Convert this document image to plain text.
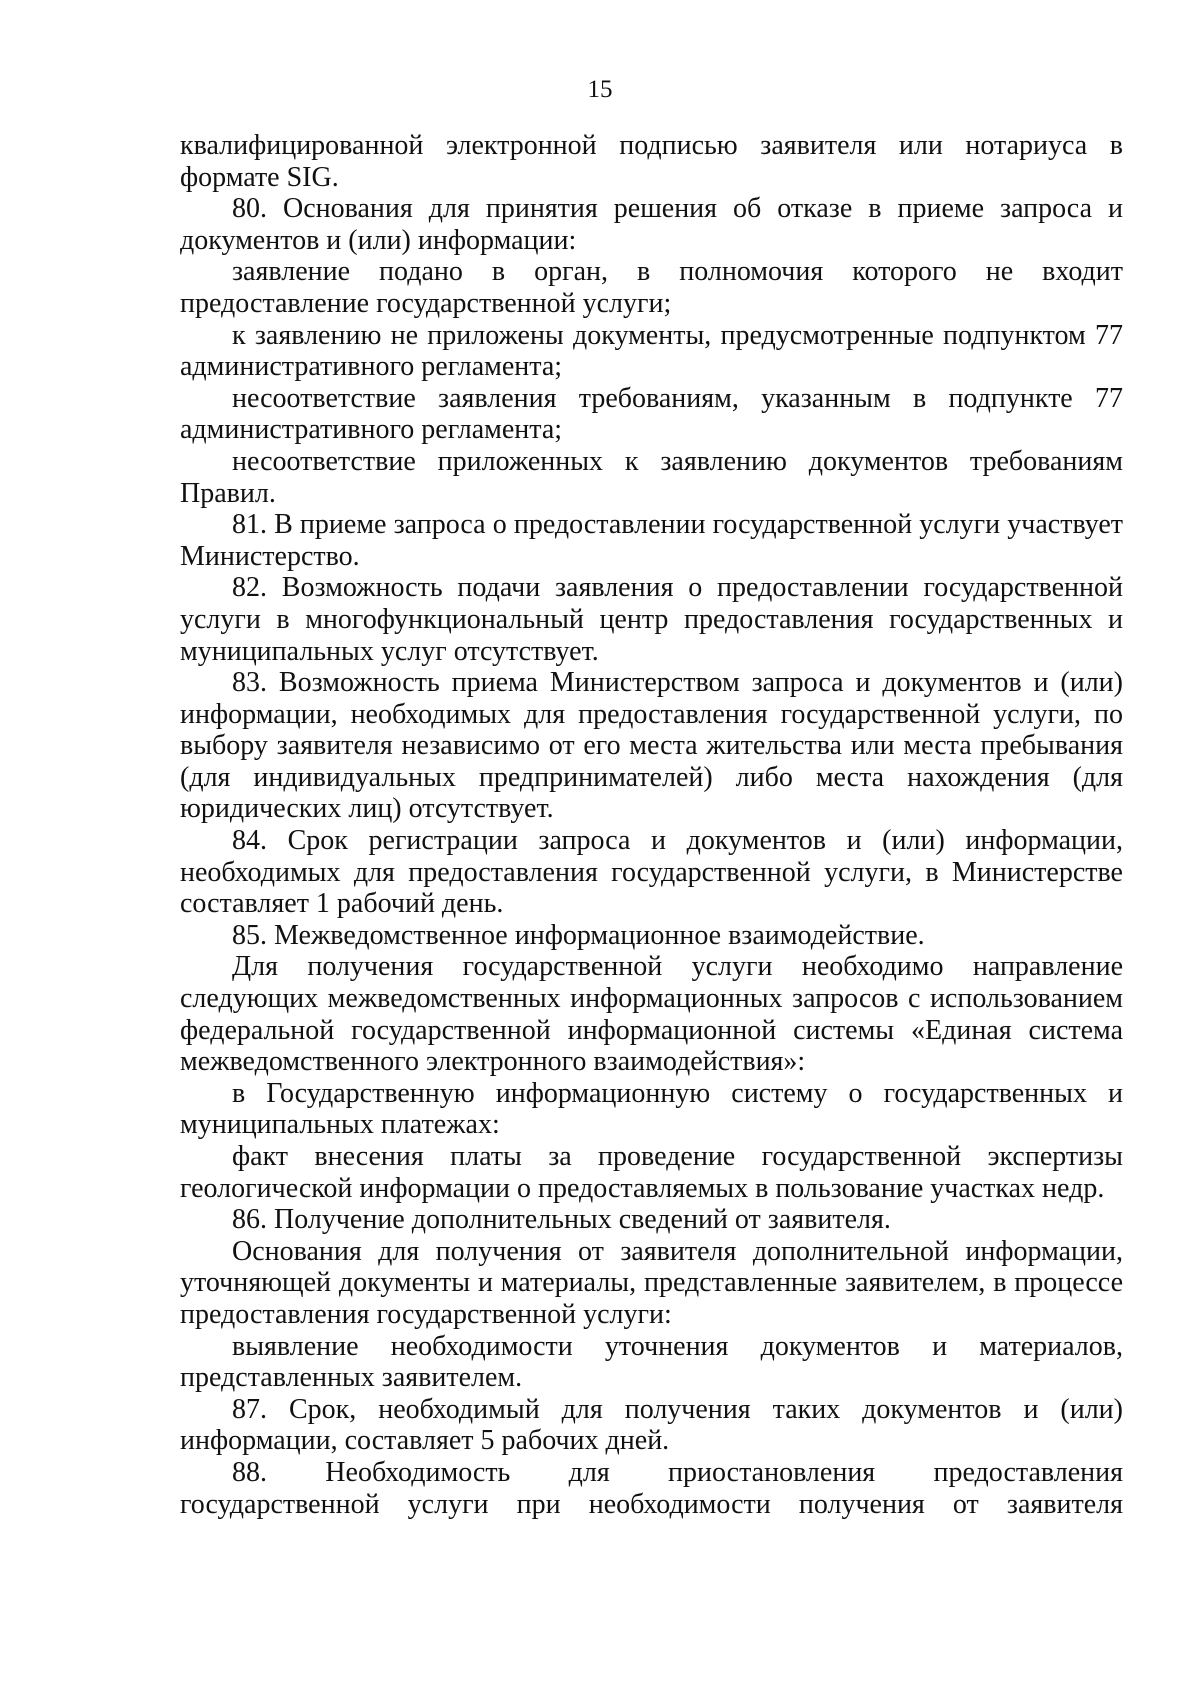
15

квалифицированной электронной подписью заявителя или нотариуса в формате SIG.

80. Основания для принятия решения об отказе в приеме запроса и документов и (или) информации:

заявление подано в орган, в полномочия которого не входит предоставление государственной услуги;

к заявлению не приложены документы, предусмотренные подпунктом 77 административного регламента;

несоответствие заявления требованиям, указанным в подпункте 77 административного регламента;

несоответствие приложенных к заявлению документов требованиям Правил.

81. В приеме запроса о предоставлении государственной услуги участвует Министерство.

82. Возможность подачи заявления о предоставлении государственной услуги в многофункциональный центр предоставления государственных и муниципальных услуг отсутствует.

83. Возможность приема Министерством запроса и документов и (или) информации, необходимых для предоставления государственной услуги, по выбору заявителя независимо от его места жительства или места пребывания (для индивидуальных предпринимателей) либо места нахождения (для юридических лиц) отсутствует.

84. Срок регистрации запроса и документов и (или) информации, необходимых для предоставления государственной услуги, в Министерстве составляет 1 рабочий день.

85. Межведомственное информационное взаимодействие.

Для получения государственной услуги необходимо направление следующих межведомственных информационных запросов с использованием федеральной государственной информационной системы «Единая система межведомственного электронного взаимодействия»:

в Государственную информационную систему о государственных и муниципальных платежах:

факт внесения платы за проведение государственной экспертизы геологической информации о предоставляемых в пользование участках недр.

86. Получение дополнительных сведений от заявителя.

Основания для получения от заявителя дополнительной информации, уточняющей документы и материалы, представленные заявителем, в процессе предоставления государственной услуги:

выявление необходимости уточнения документов и материалов, представленных заявителем.

87. Срок, необходимый для получения таких документов и (или) информации, составляет 5 рабочих дней.

88. Необходимость для приостановления предоставления государственной услуги при необходимости получения от заявителя
